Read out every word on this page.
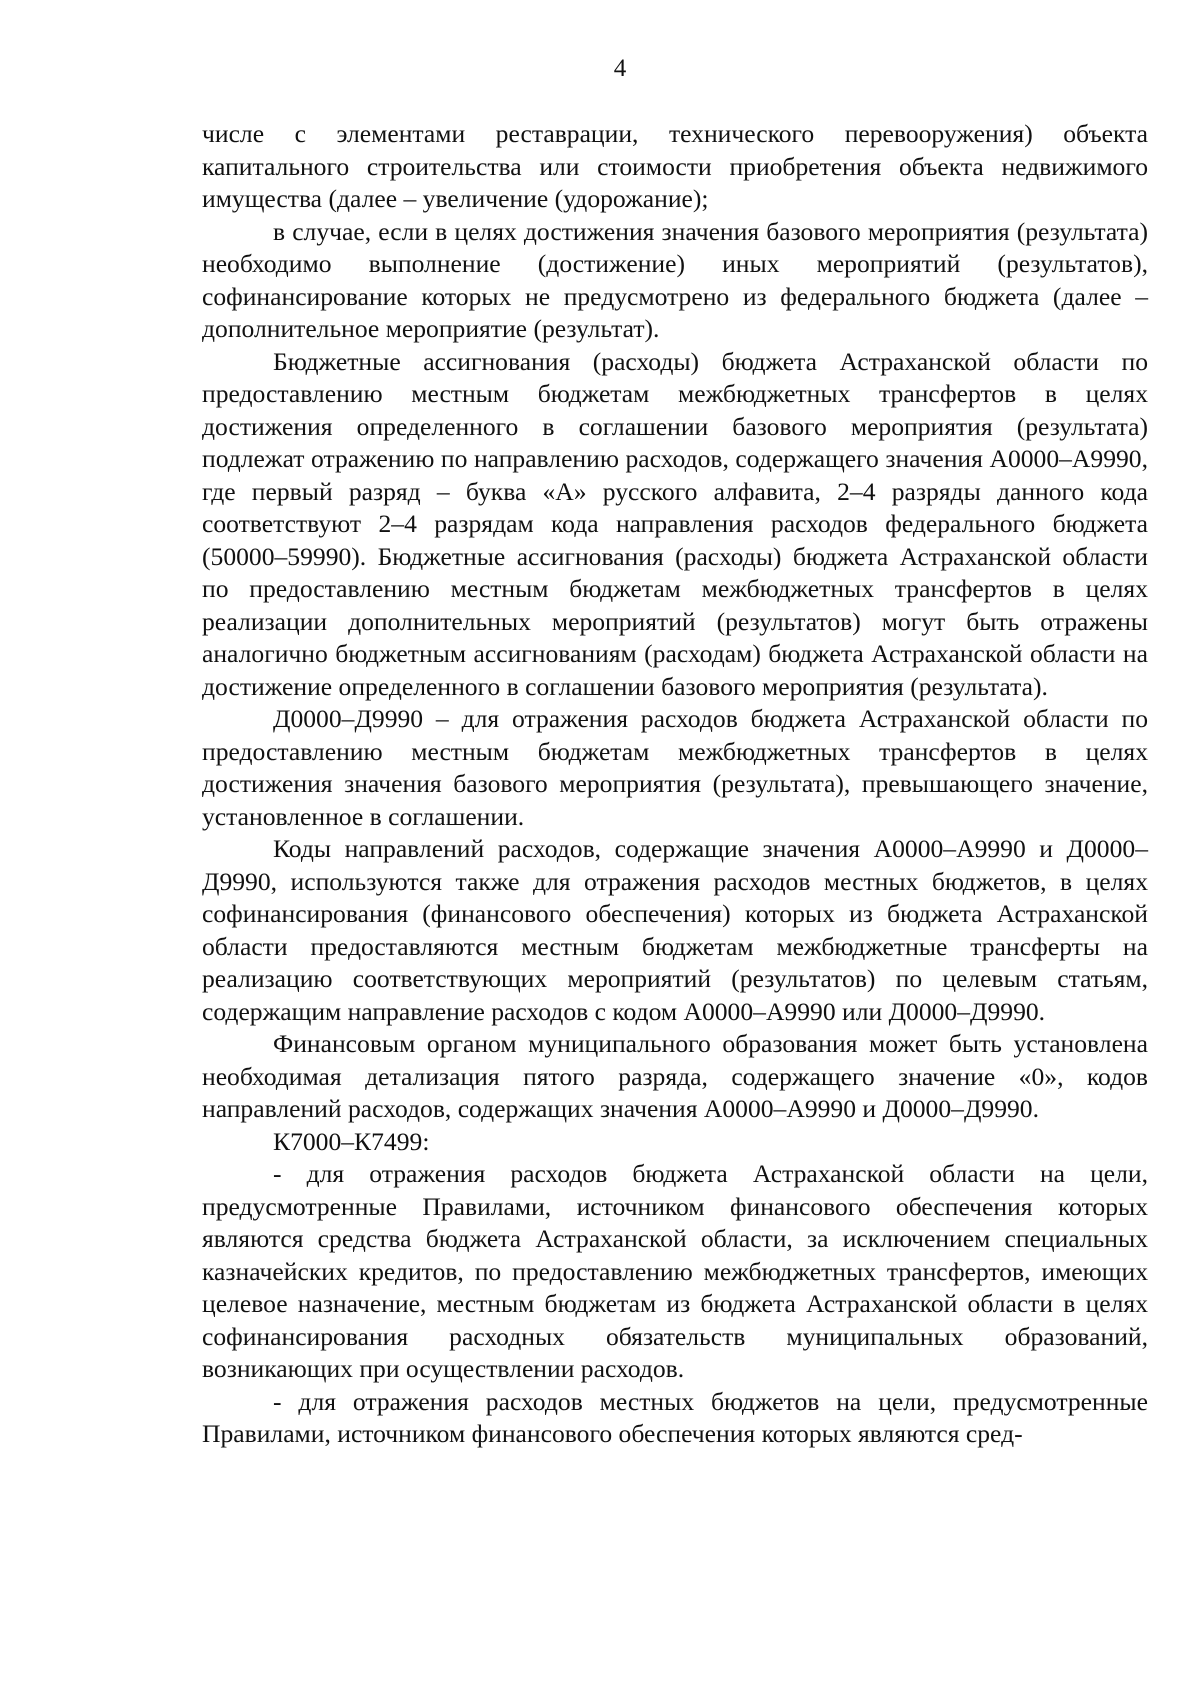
4

числе с элементами реставрации, технического перевооружения) объекта капитального строительства или стоимости приобретения объекта недвижимого имущества (далее – увеличение (удорожание);

в случае, если в целях достижения значения базового мероприятия (результата) необходимо выполнение (достижение) иных мероприятий (результатов), софинансирование которых не предусмотрено из федерального бюджета (далее – дополнительное мероприятие (результат).

Бюджетные ассигнования (расходы) бюджета Астраханской области по предоставлению местным бюджетам межбюджетных трансфертов в целях достижения определенного в соглашении базового мероприятия (результата) подлежат отражению по направлению расходов, содержащего значения А0000–А9990, где первый разряд – буква «А» русского алфавита, 2–4 разряды данного кода соответствуют 2–4 разрядам кода направления расходов федерального бюджета (50000–59990). Бюджетные ассигнования (расходы) бюджета Астраханской области по предоставлению местным бюджетам межбюджетных трансфертов в целях реализации дополнительных мероприятий (результатов) могут быть отражены аналогично бюджетным ассигнованиям (расходам) бюджета Астраханской области на достижение определенного в соглашении базового мероприятия (результата).

Д0000–Д9990 – для отражения расходов бюджета Астраханской области по предоставлению местным бюджетам межбюджетных трансфертов в целях достижения значения базового мероприятия (результата), превышающего значение, установленное в соглашении.

Коды направлений расходов, содержащие значения А0000–А9990 и Д0000–Д9990, используются также для отражения расходов местных бюджетов, в целях софинансирования (финансового обеспечения) которых из бюджета Астраханской области предоставляются местным бюджетам межбюджетные трансферты на реализацию соответствующих мероприятий (результатов) по целевым статьям, содержащим направление расходов с кодом А0000–А9990 или Д0000–Д9990.

Финансовым органом муниципального образования может быть установлена необходимая детализация пятого разряда, содержащего значение «0», кодов направлений расходов, содержащих значения А0000–А9990 и Д0000–Д9990.

К7000–К7499:

- для отражения расходов бюджета Астраханской области на цели, предусмотренные Правилами, источником финансового обеспечения которых являются средства бюджета Астраханской области, за исключением специальных казначейских кредитов, по предоставлению межбюджетных трансфертов, имеющих целевое назначение, местным бюджетам из бюджета Астраханской области в целях софинансирования расходных обязательств муниципальных образований, возникающих при осуществлении расходов.

- для отражения расходов местных бюджетов на цели, предусмотренные Правилами, источником финансового обеспечения которых являются сред-
